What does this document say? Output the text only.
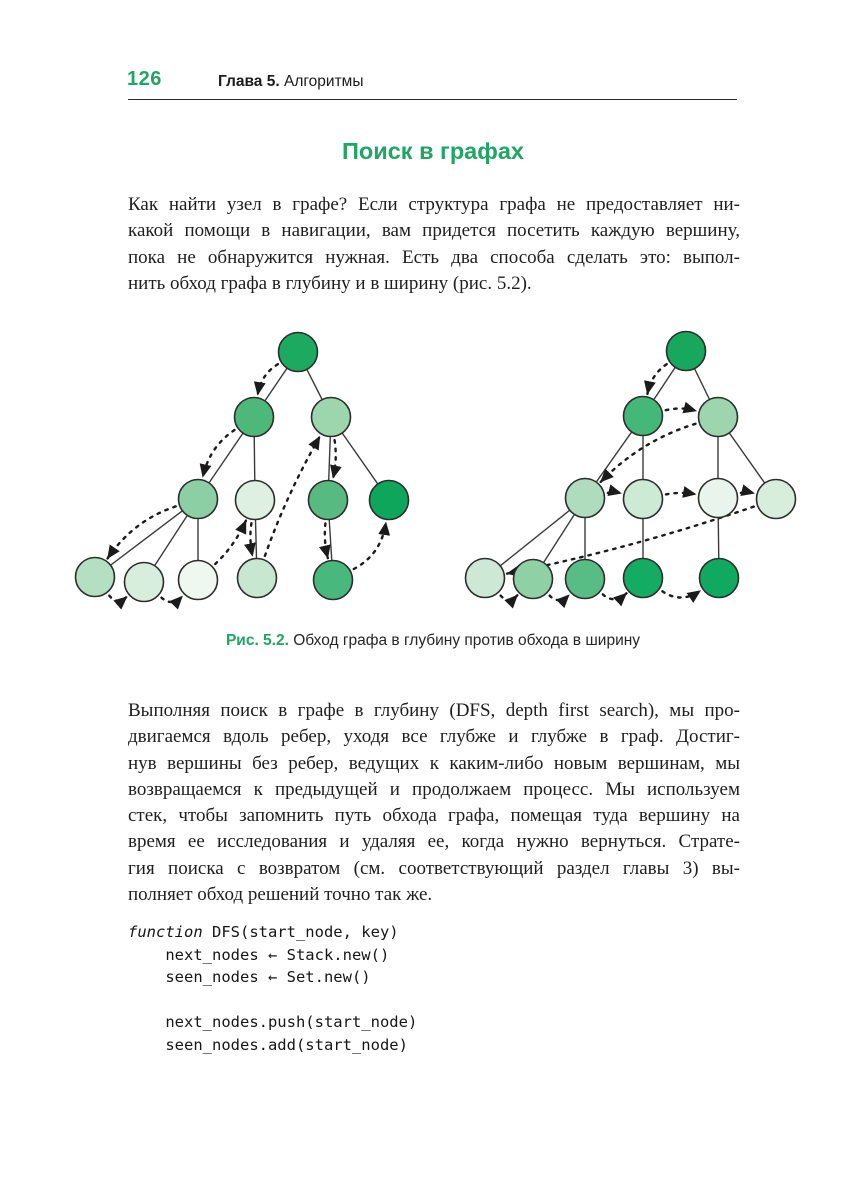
126	Глава 5. Алгоритмы
Поиск в графах
Как найти узел в графе? Если структура графа не предоставляет ни-
какой помощи в навигации, вам придется посетить каждую вершину,
пока не обнаружится нужная. Есть два способа сделать это: выпол-
нить обход графа в глубину и в ширину (рис. 5.2).
Рис. 5.2. Обход графа в глубину против обхода в ширину
Выполняя поиск в графе в глубину (DFS, depth first search), мы про-
двигаемся вдоль ребер, уходя все глубже и глубже в граф. Достиг-
нув вершины без ребер, ведущих к каким-либо новым вершинам, мы
возвращаемся к предыдущей и продолжаем процесс. Мы используем
стек, чтобы запомнить путь обхода графа, помещая туда вершину на
время ее исследования и удаляя ее, когда нужно вернуться. Страте-
гия поиска с возвратом (см. соответствующий раздел главы 3) вы-
полняет обход решений точно так же.
function DFS(start_node, key)
next_nodes ← Stack.new()
seen_nodes ← Set.new()

next_nodes.push(start_node)
seen_nodes.add(start_node)
